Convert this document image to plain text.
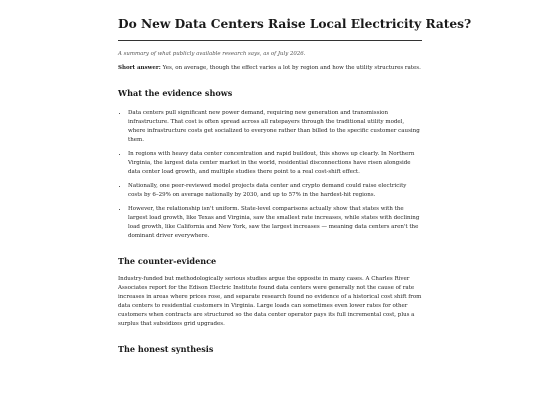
Do New Data Centers Raise Local Electricity Rates?

A summary of what publicly available research says, as of July 2026.

Short answer: Yes, on average, though the effect varies a lot by region and how the utility structures rates.

What the evidence shows
• Data centers pull significant new power demand, requiring new generation and transmission infrastructure. That cost is often spread across all ratepayers through the traditional utility model, where infrastructure costs get socialized to everyone rather than billed to the specific customer causing them.
• In regions with heavy data center concentration and rapid buildout, this shows up clearly. In Northern Virginia, the largest data center market in the world, residential disconnections have risen alongside data center load growth, and multiple studies there point to a real cost-shift effect.
• Nationally, one peer-reviewed model projects data center and crypto demand could raise electricity costs by 6–29% on average nationally by 2030, and up to 57% in the hardest-hit regions.
• However, the relationship isn't uniform. State-level comparisons actually show that states with the largest load growth, like Texas and Virginia, saw the smallest rate increases, while states with declining load growth, like California and New York, saw the largest increases — meaning data centers aren't the dominant driver everywhere.
The counter-evidence

Industry-funded but methodologically serious studies argue the opposite in many cases. A Charles River Associates report for the Edison Electric Institute found data centers were generally not the cause of rate increases in areas where prices rose, and separate research found no evidence of a historical cost shift from data centers to residential customers in Virginia. Large loads can sometimes even lower rates for other customers when contracts are structured so the data center operator pays its full incremental cost, plus a surplus that subsidizes grid upgrades.

The honest synthesis
